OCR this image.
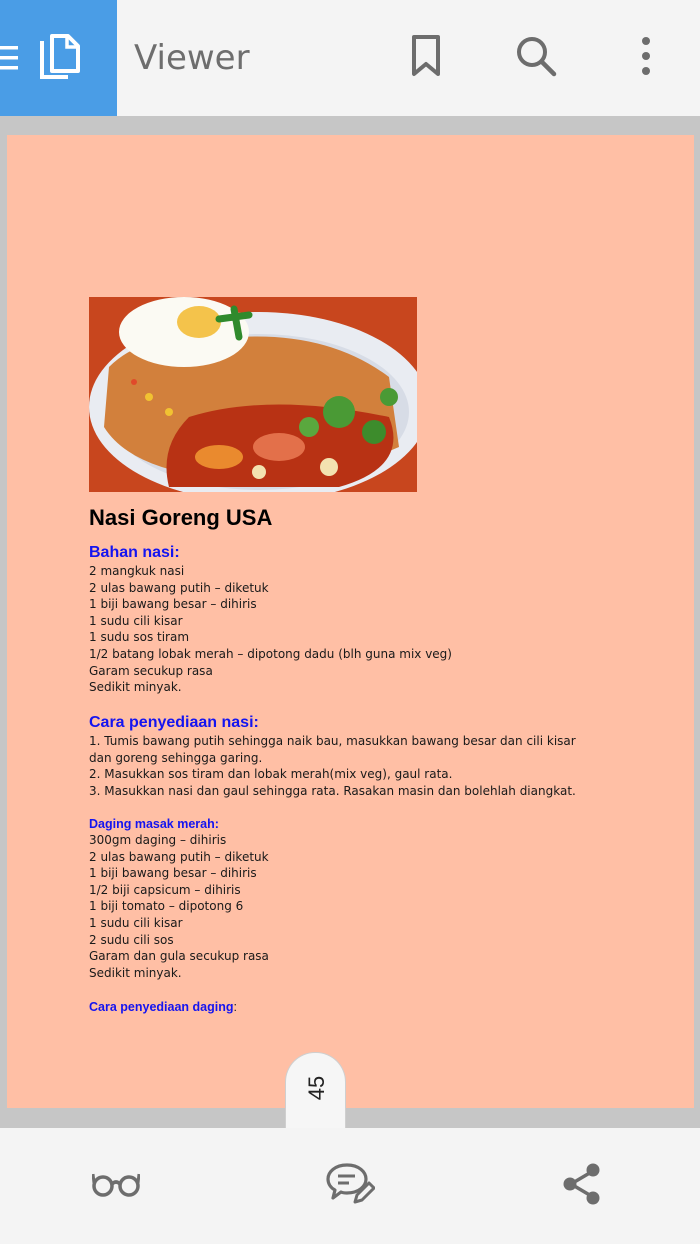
Viewer
Nasi Goreng USA
Bahan nasi:
2 mangkuk nasi
2 ulas bawang putih – diketuk
1 biji bawang besar – dihiris
1 sudu cili kisar
1 sudu sos tiram
1/2 batang lobak merah – dipotong dadu (blh guna mix veg)
Garam secukup rasa
Sedikit minyak.
Cara penyediaan nasi:
1. Tumis bawang putih sehingga naik bau, masukkan bawang besar dan cili kisar dan goreng sehingga garing.
2. Masukkan sos tiram dan lobak merah(mix veg), gaul rata.
3. Masukkan nasi dan gaul sehingga rata. Rasakan masin dan bolehlah diangkat.
Daging masak merah:
300gm daging – dihiris
2 ulas bawang putih – diketuk
1 biji bawang besar – dihiris
1/2 biji capsicum – dihiris
1 biji tomato – dipotong 6
1 sudu cili kisar
2 sudu cili sos
Garam dan gula secukup rasa
Sedikit minyak.
Cara penyediaan daging:
45
